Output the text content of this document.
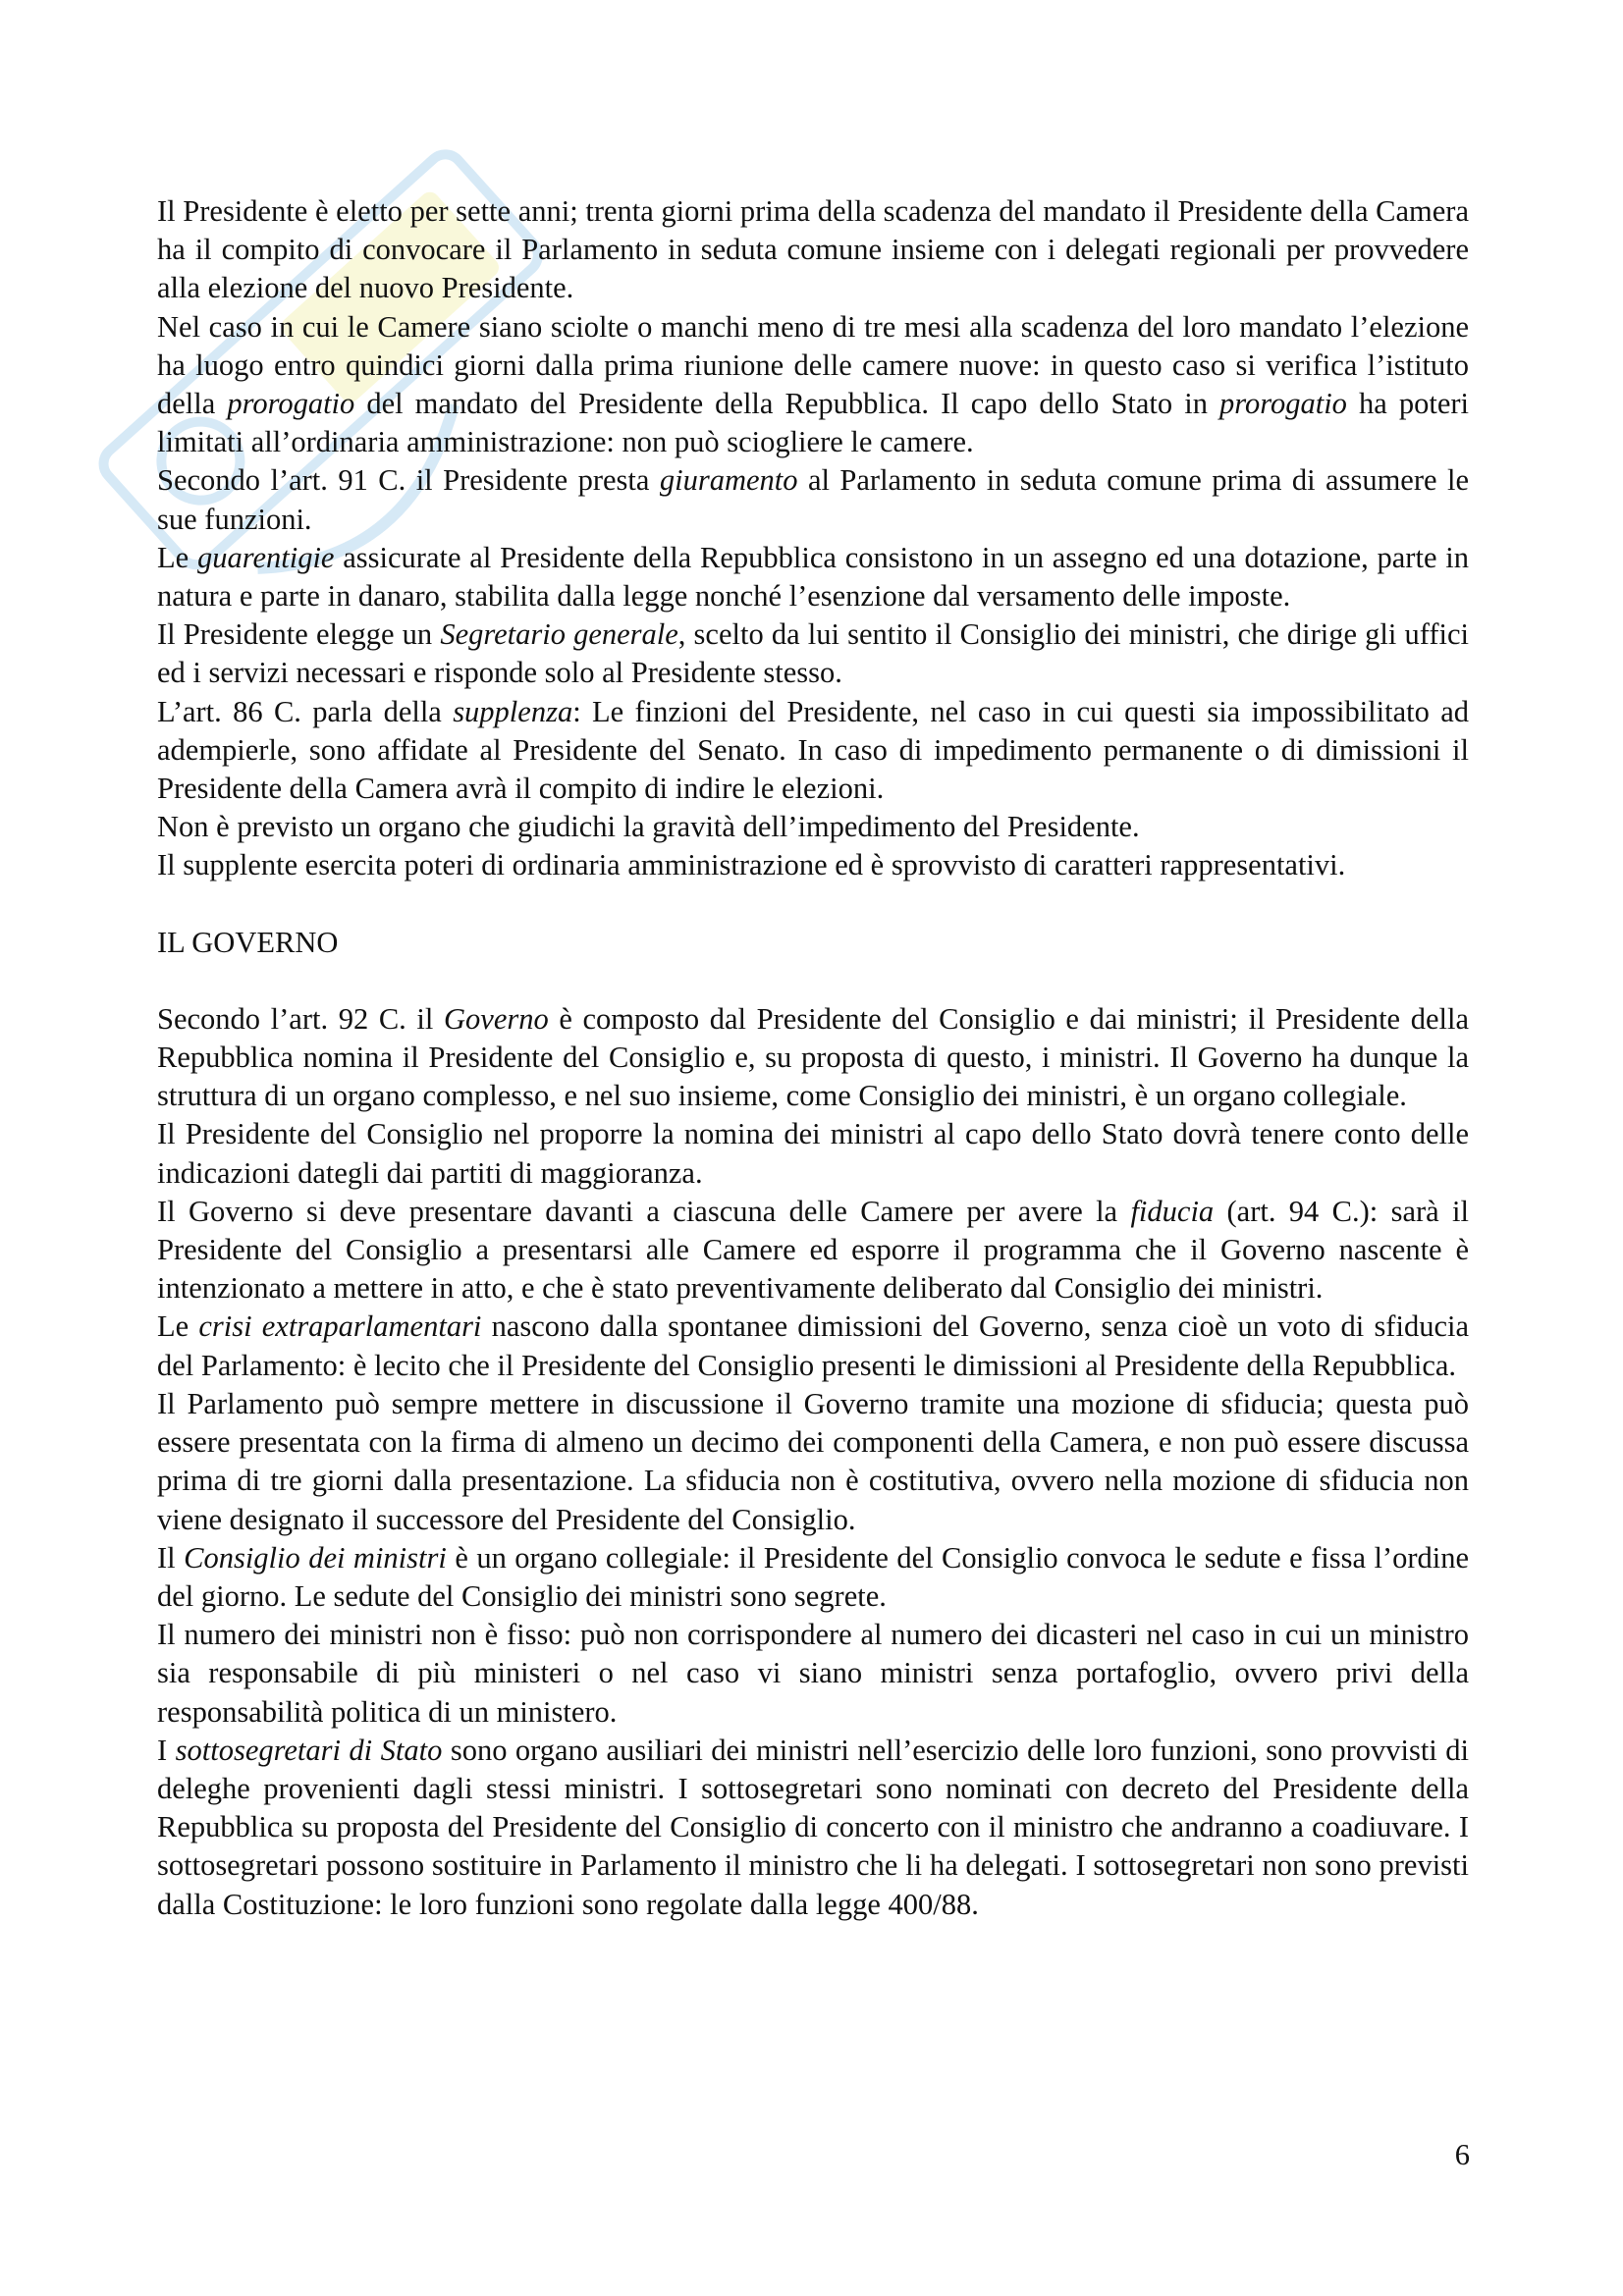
Il Presidente è eletto per sette anni; trenta giorni prima della scadenza del mandato il Presidente della Camera ha il compito di convocare il Parlamento in seduta comune insieme con i delegati regionali per provvedere alla elezione del nuovo Presidente.

Nel caso in cui le Camere siano sciolte o manchi meno di tre mesi alla scadenza del loro mandato l’elezione ha luogo entro quindici giorni dalla prima riunione delle camere nuove: in questo caso si verifica l’istituto della prorogatio del mandato del Presidente della Repubblica. Il capo dello Stato in prorogatio ha poteri limitati all’ordinaria amministrazione: non può sciogliere le camere.

Secondo l’art. 91 C. il Presidente presta giuramento al Parlamento in seduta comune prima di assumere le sue funzioni.

Le guarentigie assicurate al Presidente della Repubblica consistono in un assegno ed una dotazione, parte in natura e parte in danaro, stabilita dalla legge nonché l’esenzione dal versamento delle imposte.

Il Presidente elegge un Segretario generale, scelto da lui sentito il Consiglio dei ministri, che dirige gli uffici ed i servizi necessari e risponde solo al Presidente stesso.

L’art. 86 C. parla della supplenza: Le finzioni del Presidente, nel caso in cui questi sia impossibilitato ad adempierle, sono affidate al Presidente del Senato. In caso di impedimento permanente o di dimissioni il Presidente della Camera avrà il compito di indire le elezioni.

Non è previsto un organo che giudichi la gravità dell’impedimento del Presidente.

Il supplente esercita poteri di ordinaria amministrazione ed è sprovvisto di caratteri rappresentativi.

IL GOVERNO

Secondo l’art. 92 C. il Governo è composto dal Presidente del Consiglio e dai ministri; il Presidente della Repubblica nomina il Presidente del Consiglio e, su proposta di questo, i ministri. Il Governo ha dunque la struttura di un organo complesso, e nel suo insieme, come Consiglio dei ministri, è un organo collegiale.

Il Presidente del Consiglio nel proporre la nomina dei ministri al capo dello Stato dovrà tenere conto delle indicazioni dategli dai partiti di maggioranza.

Il Governo si deve presentare davanti a ciascuna delle Camere per avere la fiducia (art. 94 C.): sarà il Presidente del Consiglio a presentarsi alle Camere ed esporre il programma che il Governo nascente è intenzionato a mettere in atto, e che è stato preventivamente deliberato dal Consiglio dei ministri.

Le crisi extraparlamentari nascono dalla spontanee dimissioni del Governo, senza cioè un voto di sfiducia del Parlamento: è lecito che il Presidente del Consiglio presenti le dimissioni al Presidente della Repubblica.

Il Parlamento può sempre mettere in discussione il Governo tramite una mozione di sfiducia; questa può essere presentata con la firma di almeno un decimo dei componenti della Camera, e non può essere discussa prima di tre giorni dalla presentazione. La sfiducia non è costitutiva, ovvero nella mozione di sfiducia non viene designato il successore del Presidente del Consiglio.

Il Consiglio dei ministri è un organo collegiale: il Presidente del Consiglio convoca le sedute e fissa l’ordine del giorno. Le sedute del Consiglio dei ministri sono segrete.

Il numero dei ministri non è fisso: può non corrispondere al numero dei dicasteri nel caso in cui un ministro sia responsabile di più ministeri o nel caso vi siano ministri senza portafoglio, ovvero privi della responsabilità politica di un ministero.

I sottosegretari di Stato sono organo ausiliari dei ministri nell’esercizio delle loro funzioni, sono provvisti di deleghe provenienti dagli stessi ministri. I sottosegretari sono nominati con decreto del Presidente della Repubblica su proposta del Presidente del Consiglio di concerto con il ministro che andranno a coadiuvare. I sottosegretari possono sostituire in Parlamento il ministro che li ha delegati. I sottosegretari non sono previsti dalla Costituzione: le loro funzioni sono regolate dalla legge 400/88.

6
